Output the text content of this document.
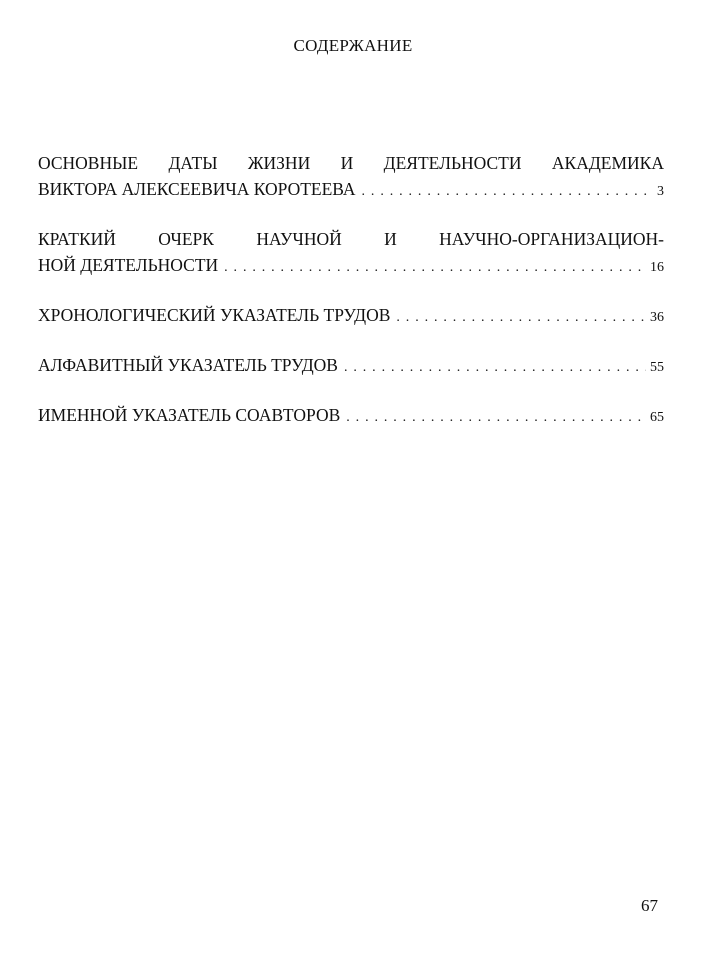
СОДЕРЖАНИЕ
ОСНОВНЫЕ ДАТЫ ЖИЗНИ И ДЕЯТЕЛЬНОСТИ АКАДЕМИКА
ВИКТОРА АЛЕКСЕЕВИЧА КОРОТЕЕВА . . .	3
КРАТКИЙ ОЧЕРК НАУЧНОЙ И НАУЧНО-ОРГАНИЗАЦИОН-
НОЙ ДЕЯТЕЛЬНОСТИ . . .	16
ХРОНОЛОГИЧЕСКИЙ УКАЗАТЕЛЬ ТРУДОВ . . .	36
АЛФАВИТНЫЙ УКАЗАТЕЛЬ ТРУДОВ . . .	55
ИМЕННОЙ УКАЗАТЕЛЬ СОАВТОРОВ . . .	65
67
